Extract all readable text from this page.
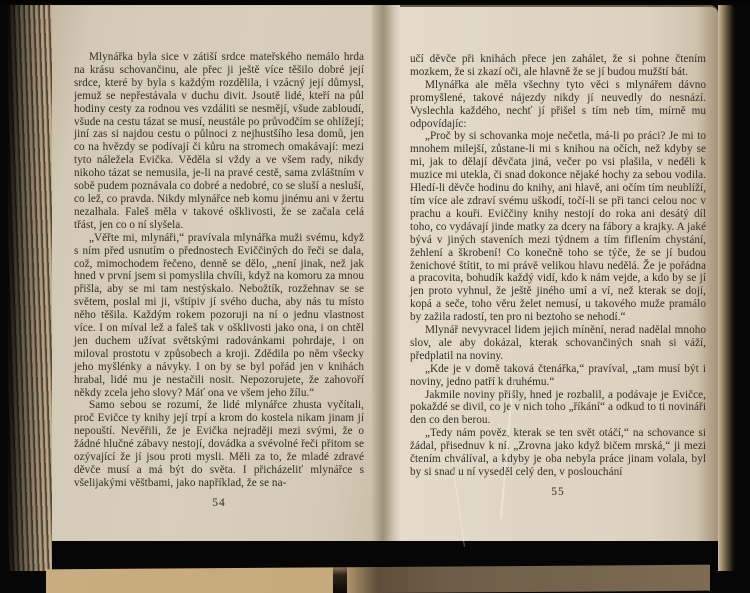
Mlynářka byla sice v zátiší srdce mateřského nemálo hrda na krásu schovančinu, ale přec ji ještě více těšilo dobré její srdce, které by byla s každým rozdělila, i vzácný její důmysl, jemuž se nepřestávala v duchu divit. Jsoutě lidé, kteří na půl hodiny cesty za rodnou ves vzdáliti se nesmějí, všude zabloudí, všude na cestu tázat se musí, neustále po průvodčím se ohlížejí; jiní zas si najdou cestu o půlnoci z nejhustšího lesa domů, jen co na hvězdy se podívají či kůru na stromech omakávají: mezi tyto náležela Evička. Věděla si vždy a ve všem rady, nikdy nikoho tázat se nemusila, je-li na pravé cestě, sama zvláštním v sobě pudem poznávala co dobré a nedobré, co se sluší a nesluší, co lež, co pravda. Nikdy mlynářce neb komu jinému ani v žertu nezalhala. Faleš měla v takové ošklivosti, že se začala celá třást, jen co o ní slyšela.

„Věřte mi, mlynáři,“ pravívala mlynářka muži svému, když s ním před usnutím o přednostech Eviččiných do řeči se dala, což, mimochodem řečeno, denně se dělo, „není jinak, než jak hned v první jsem si pomyslila chvíli, když na komoru za mnou přišla, aby se mi tam nestýskalo. Nebožtík, rozžehnav se se světem, poslal mi ji, vštípiv jí svého ducha, aby nás tu místo něho těšila. Každým rokem pozoruji na ní o jednu vlastnost více. I on míval lež a faleš tak v ošklivosti jako ona, i on chtěl jen duchem užívat světskými radovánkami pohrdaje, i on miloval prostotu v způsobech a kroji. Zdědila po něm všecky jeho myšlénky a návyky. I on by se byl pořád jen v knihách hrabal, lidé mu je nestačili nosit. Nepozorujete, že zahovoří někdy zcela jeho slovy? Máť ona ve všem jeho žílu.“

Samo sebou se rozumí, že lidé mlynářce zhusta vyčítali, proč Evičce ty knihy její trpí a krom do kostela nikam jinam jí nepouští. Nevěřili, že je Evička nejraději mezi svými, že o žádné hlučné zábavy nestojí, dovádka a svévolné řeči přitom se ozývající že jí jsou proti mysli. Měli za to, že mladé zdravé děvče musí a má být do světa. I přicházeliť mlynářce s všelijakými věštbami, jako například, že se na-

54

učí děvče při knihách přece jen zahálet, že si pohne čtením mozkem, že si zkazí oči, ale hlavně že se jí budou mužští bát.

Mlynářka ale měla všechny tyto věci s mlynářem dávno promyšlené, takové nájezdy nikdy jí neuvedly do nesnází. Vyslechla každého, nechť jí přišel s tím neb tím, mírně mu odpovídajíc:

„Proč by si schovanka moje nečetla, má-li po práci? Je mi to mnohem milejší, zůstane-li mi s knihou na očích, než kdyby se mi, jak to dělají děvčata jiná, večer po vsi plašila, v neděli k muzice mi utekla, či snad dokonce nějaké hochy za sebou vodila. Hledí-li děvče hodinu do knihy, ani hlavě, ani očím tím neublíží, tím více ale zdraví svému uškodí, točí-li se při tanci celou noc v prachu a kouři. Eviččiny knihy nestojí do roka ani desátý díl toho, co vydávají jinde matky za dcery na fábory a krajky. A jaké bývá v jiných staveních mezi týdnem a tím fiflením chystání, žehlení a škrobení! Co konečně toho se týče, že se jí budou ženichové štítit, to mi právě velikou hlavu nedělá. Že je pořádna a pracovita, bohudík každý vidí, kdo k nám vejde, a kdo by se jí jen proto vyhnul, že ještě jiného umí a ví, než kterak se dojí, kopá a seče, toho věru želet nemusí, u takového muže pramálo by zažila radostí, ten pro ni beztoho se nehodí.“

Mlynář nevyvracel lidem jejich mínění, nerad nadělal mnoho slov, ale aby dokázal, kterak schovančiných snah si váží, předplatil na noviny.

„Kde je v domě taková čtenářka,“ pravíval, „tam musí být i noviny, jedno patří k druhému.“

Jakmile noviny přišly, hned je rozbalil, a podávaje je Evičce, pokaždé se divil, co je v nich toho „říkání“ a odkud to ti novináři den co den berou.

„Tedy nám pověz, kterak se ten svět otáčí,“ na schovance si žádal, přisednuv k ní. „Zrovna jako když bičem mrská,“ ji mezi čtením chválíval, a kdyby je oba nebyla práce jinam volala, byl by si snad u ní vyseděl celý den, v poslouchání

55
